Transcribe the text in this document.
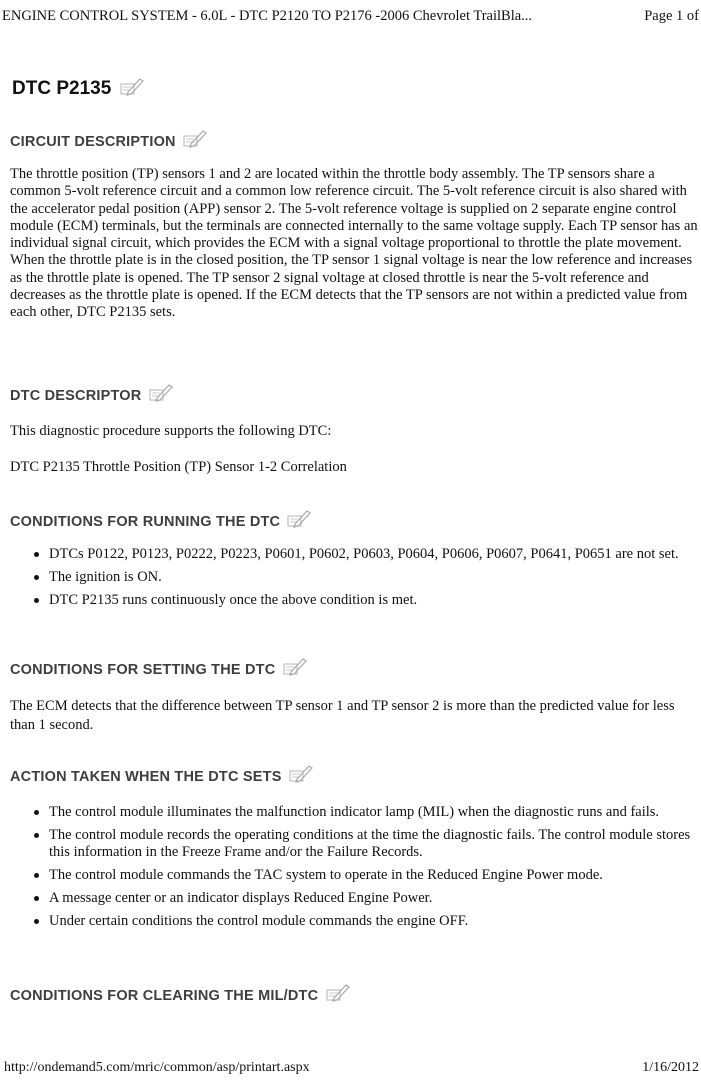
ENGINE CONTROL SYSTEM - 6.0L - DTC P2120 TO P2176 -2006 Chevrolet TrailBla...	Page 1 of
DTC P2135
CIRCUIT DESCRIPTION
The throttle position (TP) sensors 1 and 2 are located within the throttle body assembly. The TP sensors share a common 5-volt reference circuit and a common low reference circuit. The 5-volt reference circuit is also shared with the accelerator pedal position (APP) sensor 2. The 5-volt reference voltage is supplied on 2 separate engine control module (ECM) terminals, but the terminals are connected internally to the same voltage supply. Each TP sensor has an individual signal circuit, which provides the ECM with a signal voltage proportional to throttle the plate movement. When the throttle plate is in the closed position, the TP sensor 1 signal voltage is near the low reference and increases as the throttle plate is opened. The TP sensor 2 signal voltage at closed throttle is near the 5-volt reference and decreases as the throttle plate is opened. If the ECM detects that the TP sensors are not within a predicted value from each other, DTC P2135 sets.
DTC DESCRIPTOR
This diagnostic procedure supports the following DTC:
DTC P2135 Throttle Position (TP) Sensor 1-2 Correlation
CONDITIONS FOR RUNNING THE DTC
DTCs P0122, P0123, P0222, P0223, P0601, P0602, P0603, P0604, P0606, P0607, P0641, P0651 are not set.
The ignition is ON.
DTC P2135 runs continuously once the above condition is met.
CONDITIONS FOR SETTING THE DTC
The ECM detects that the difference between TP sensor 1 and TP sensor 2 is more than the predicted value for less than 1 second.
ACTION TAKEN WHEN THE DTC SETS
The control module illuminates the malfunction indicator lamp (MIL) when the diagnostic runs and fails.
The control module records the operating conditions at the time the diagnostic fails. The control module stores this information in the Freeze Frame and/or the Failure Records.
The control module commands the TAC system to operate in the Reduced Engine Power mode.
A message center or an indicator displays Reduced Engine Power.
Under certain conditions the control module commands the engine OFF.
CONDITIONS FOR CLEARING THE MIL/DTC
http://ondemand5.com/mric/common/asp/printart.aspx	1/16/2012
